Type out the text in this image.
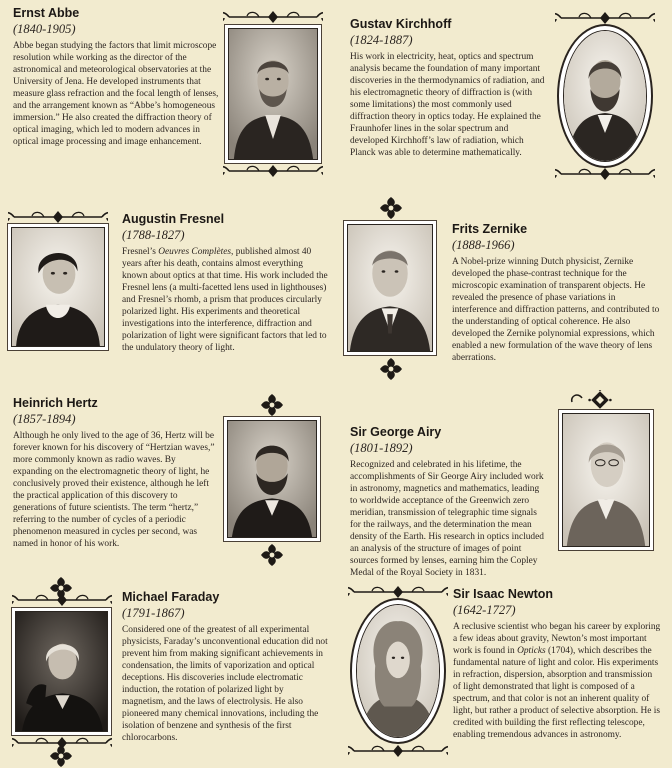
Ernst Abbe
(1840-1905)
Abbe began studying the factors that limit microscope resolution while working as the director of the astronomical and meteorological observatories at the University of Jena. He developed instruments that measure glass refraction and the focal length of lenses, and the arrangement known as “Abbe’s homogeneous immersion.” He also created the diffraction theory of optical imaging, which led to modern advances in optical image processing and image enhancement.
Gustav Kirchhoff
(1824-1887)
His work in electricity, heat, optics and spectrum analysis became the foundation of many important discoveries in the thermodynamics of radiation, and his electromagnetic theory of diffraction is (with some limitations) the most commonly used diffraction theory in optics today. He explained the Fraunhofer lines in the solar spectrum and developed Kirchhoff’s law of radiation, which Planck was able to determine mathematically.
Augustin Fresnel
(1788-1827)
Fresnel’s Oeuvres Complètes, published almost 40 years after his death, contains almost everything known about optics at that time. His work included the Fresnel lens (a multi-facetted lens used in lighthouses) and Fresnel’s rhomb, a prism that produces circularly polarized light. His experiments and theoretical investigations into the interference, diffraction and polarization of light were significant factors that led to the undulatory theory of light.
Frits Zernike
(1888-1966)
A Nobel-prize winning Dutch physicist, Zernike developed the phase-contrast technique for the microscopic examination of transparent objects. He revealed the presence of phase variations in interference and diffraction patterns, and contributed to the understanding of optical coherence. He also developed the Zernike polynomial expressions, which enabled a new formulation of the wave theory of lens aberrations.
Heinrich Hertz
(1857-1894)
Although he only lived to the age of 36, Hertz will be forever known for his discovery of “Hertzian waves,” more commonly known as radio waves. By expanding on the electromagnetic theory of light, he conclusively proved their existence, although he left the practical application of this discovery to generations of future scientists. The term “hertz,” referring to the number of cycles of a periodic phenomenon measured in cycles per second, was named in honor of his work.
Sir George Airy
(1801-1892)
Recognized and celebrated in his lifetime, the accomplishments of Sir George Airy included work in astronomy, magnetics and mathematics, leading to worldwide acceptance of the Greenwich zero meridian, transmission of telegraphic time signals for the railways, and the determination the mean density of the Earth. His research in optics included an analysis of the structure of images of point sources formed by lenses, earning him the Copley Medal of the Royal Society in 1831.
Michael Faraday
(1791-1867)
Considered one of the greatest of all experimental physicists, Faraday’s unconventional education did not prevent him from making significant achievements in condensation, the limits of vaporization and optical deceptions. His discoveries include electromatic induction, the rotation of polarized light by magnetism, and the laws of electrolysis. He also pioneered many chemical innovations, including the isolation of benzene and synthesis of the first chlorocarbons.
Sir Isaac Newton
(1642-1727)
A reclusive scientist who began his career by exploring a few ideas about gravity, Newton’s most important work is found in Opticks (1704), which describes the fundamental nature of light and color. His experiments in refraction, dispersion, absorption and transmission of light demonstrated that light is composed of a spectrum, and that color is not an inherent quality of light, but rather a product of selective absorption. He is credited with building the first reflecting telescope, enabling tremendous advances in astronomy.
